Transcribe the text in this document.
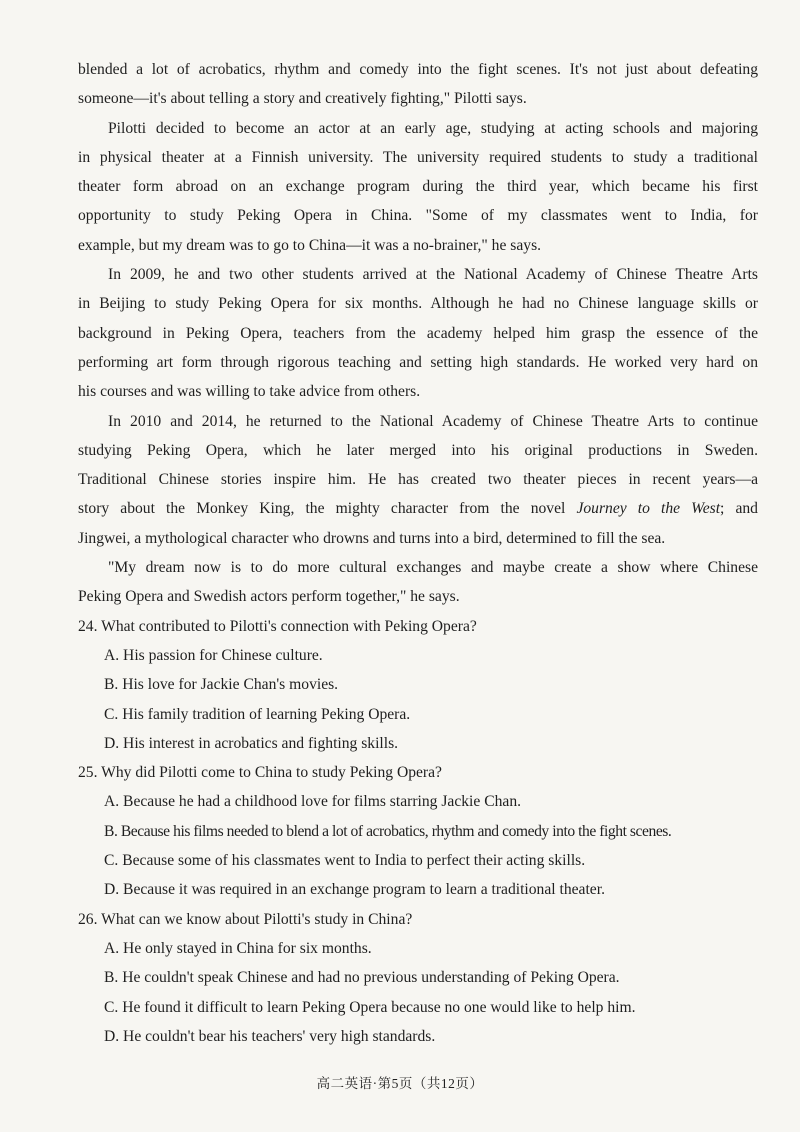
blended a lot of acrobatics, rhythm and comedy into the fight scenes. It's not just about defeating
someone—it's about telling a story and creatively fighting," Pilotti says.
Pilotti decided to become an actor at an early age, studying at acting schools and majoring
in physical theater at a Finnish university. The university required students to study a traditional
theater form abroad on an exchange program during the third year, which became his first
opportunity to study Peking Opera in China. "Some of my classmates went to India, for
example, but my dream was to go to China—it was a no-brainer," he says.
In 2009, he and two other students arrived at the National Academy of Chinese Theatre Arts
in Beijing to study Peking Opera for six months. Although he had no Chinese language skills or
background in Peking Opera, teachers from the academy helped him grasp the essence of the
performing art form through rigorous teaching and setting high standards. He worked very hard on
his courses and was willing to take advice from others.
In 2010 and 2014, he returned to the National Academy of Chinese Theatre Arts to continue
studying Peking Opera, which he later merged into his original productions in Sweden.
Traditional Chinese stories inspire him. He has created two theater pieces in recent years—a
story about the Monkey King, the mighty character from the novel Journey to the West; and
Jingwei, a mythological character who drowns and turns into a bird, determined to fill the sea.
"My dream now is to do more cultural exchanges and maybe create a show where Chinese
Peking Opera and Swedish actors perform together," he says.
24. What contributed to Pilotti's connection with Peking Opera?
A. His passion for Chinese culture.
B. His love for Jackie Chan's movies.
C. His family tradition of learning Peking Opera.
D. His interest in acrobatics and fighting skills.
25. Why did Pilotti come to China to study Peking Opera?
A. Because he had a childhood love for films starring Jackie Chan.
B. Because his films needed to blend a lot of acrobatics, rhythm and comedy into the fight scenes.
C. Because some of his classmates went to India to perfect their acting skills.
D. Because it was required in an exchange program to learn a traditional theater.
26. What can we know about Pilotti's study in China?
A. He only stayed in China for six months.
B. He couldn't speak Chinese and had no previous understanding of Peking Opera.
C. He found it difficult to learn Peking Opera because no one would like to help him.
D. He couldn't bear his teachers' very high standards.
高二英语·第5页（共12页）
